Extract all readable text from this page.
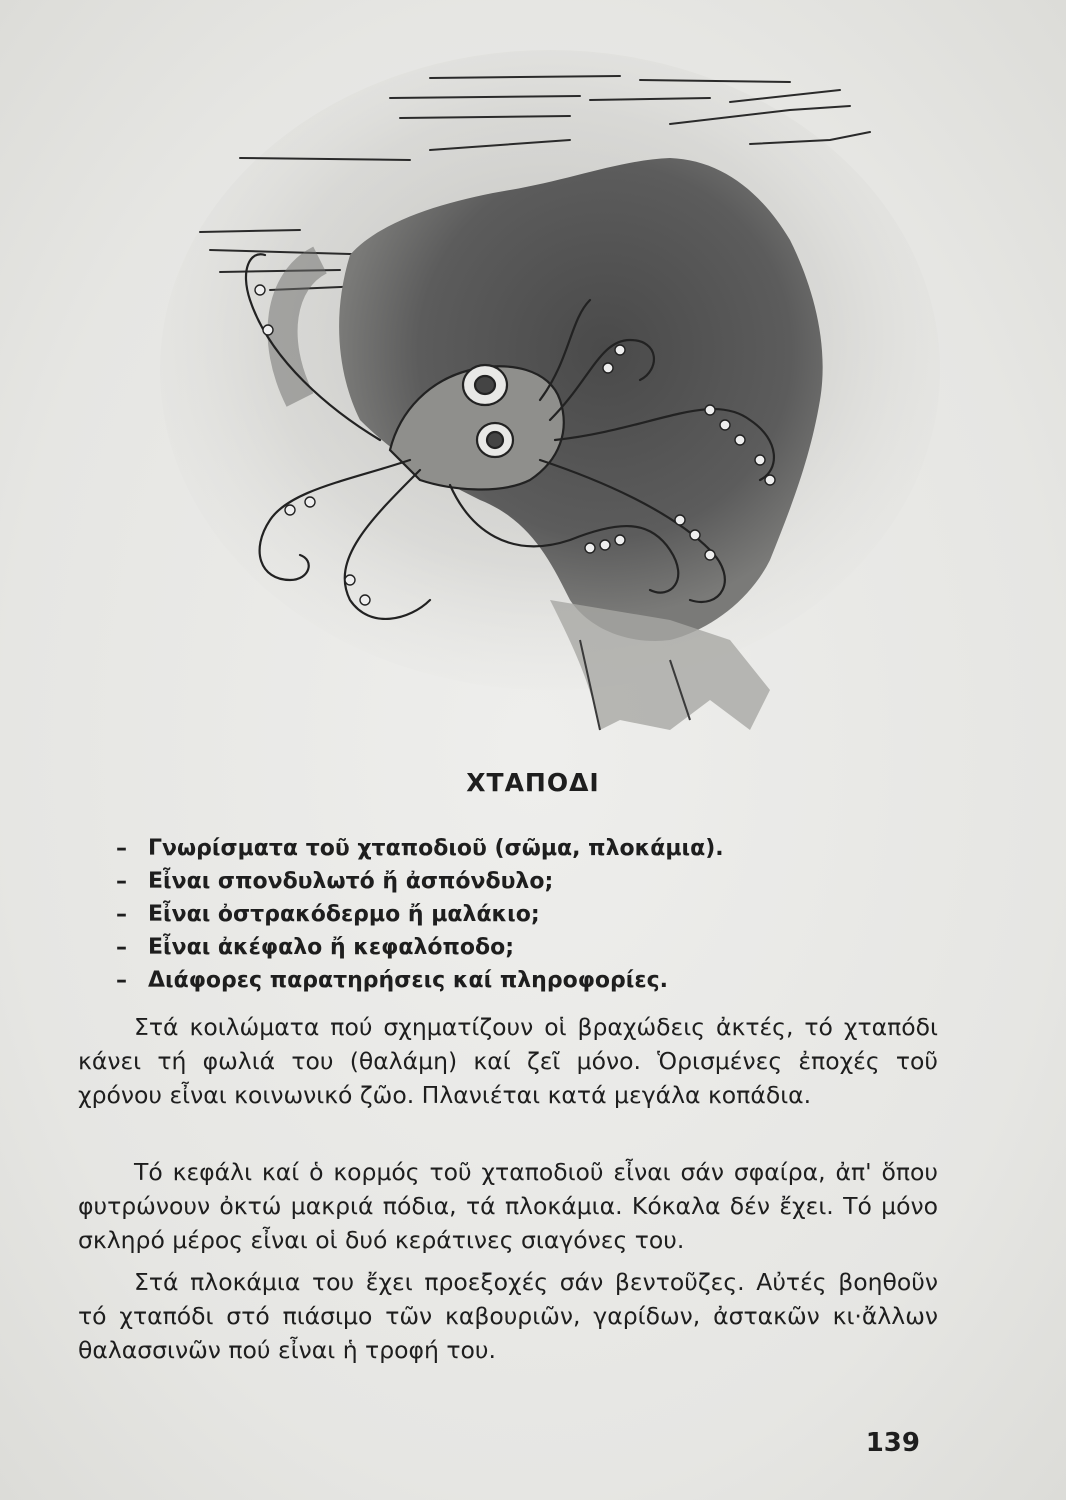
ΧΤΑΠΟΔΙ
– Γνωρίσματα τοῦ χταποδιοῦ (σῶμα, πλοκάμια).
– Εἶναι σπονδυλωτό ἤ ἀσπόνδυλο;
– Εἶναι ὀστρακόδερμο ἤ μαλάκιο;
– Εἶναι ἀκέφαλο ἤ κεφαλόποδο;
– Διάφορες παρατηρήσεις καί πληροφορίες.

Στά κοιλώματα πού σχηματίζουν οἱ βραχώδεις ἀκτές, τό χταπόδι κάνει τή φωλιά του (θαλάμη) καί ζεῖ μόνο. Ὁρισμένες ἐποχές τοῦ χρόνου εἶναι κοινωνικό ζῶο. Πλανιέται κατά μεγάλα κοπάδια.

Τό κεφάλι καί ὁ κορμός τοῦ χταποδιοῦ εἶναι σάν σφαίρα, ἀπ' ὅπου φυτρώνουν ὀκτώ μακριά πόδια, τά πλοκάμια. Κόκαλα δέν ἔχει. Τό μόνο σκληρό μέρος εἶναι οἱ δυό κεράτινες σιαγόνες του.

Στά πλοκάμια του ἔχει προεξοχές σάν βεντοῦζες. Αὐτές βοηθοῦν τό χταπόδι στό πιάσιμο τῶν καβουριῶν, γαρίδων, ἀστακῶν κι·ἄλλων θαλασσινῶν πού εἶναι ἡ τροφή του.

139
